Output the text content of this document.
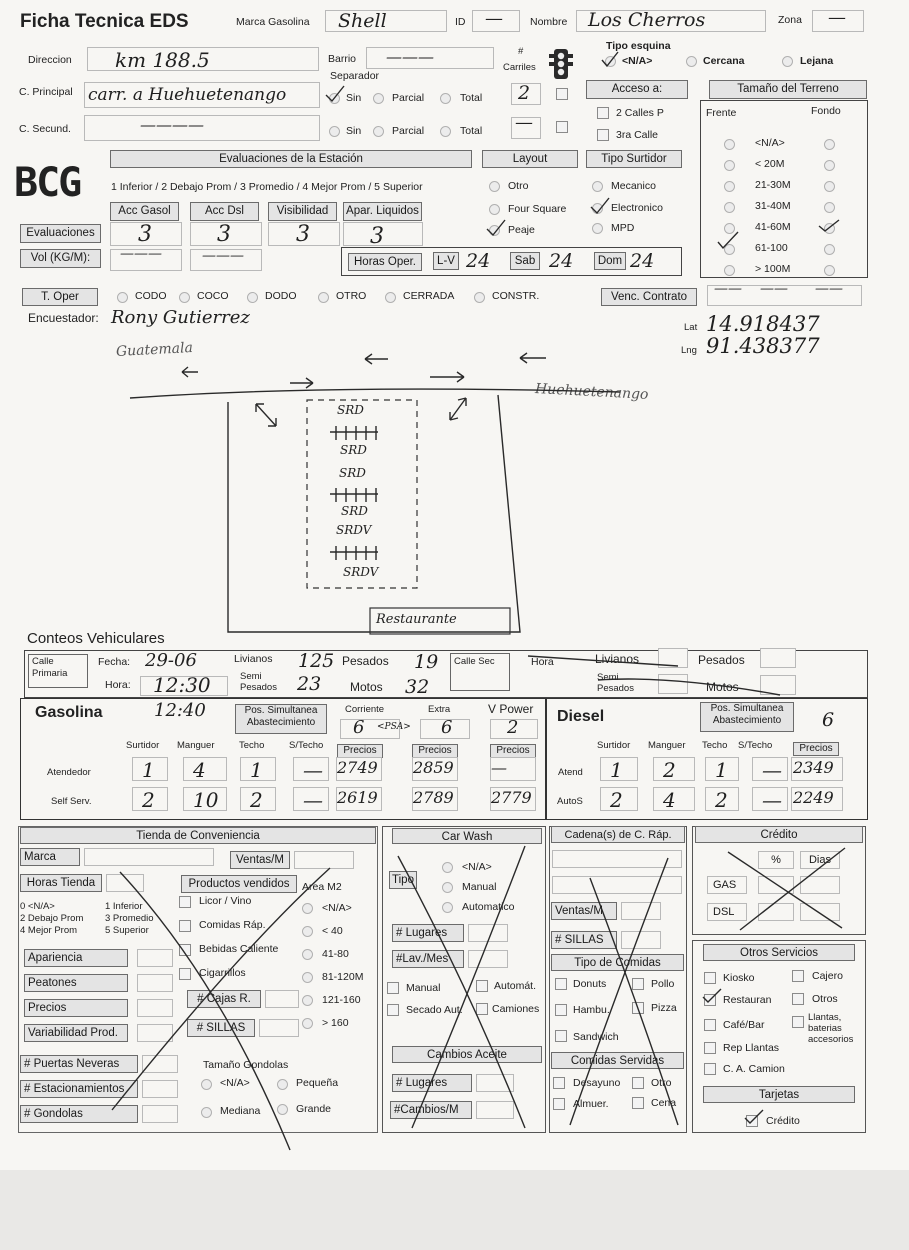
Ficha Tecnica EDS	Marca Gasolina Shell	ID —	Nombre Los Cherros	Zona —
Direccion km 188.5	Barrio ———	#
Carriles
Separador
C. Principal carr. a Huehuetenango	Sin	Parcial	Total 2
C. Secund.	————	Sin	Parcial	Total —
Tipo esquina
<N/A>	Cercana	Lejana
Acceso a:
2 Calles P
3ra Calle
Tamaño del Terreno
Frente	Fondo
<N/A>
< 20M
21-30M
31-40M
41-60M
61-100
> 100M
BCG
Evaluaciones de la Estación
1 Inferior / 2 Debajo Prom / 3 Promedio / 4 Mejor Prom / 5 Superior
Acc Gasol	Acc Dsl	Visibilidad	Apar. Liquidos
Evaluaciones 3	3	3	3
Vol (KG/M):	———	———
Layout
Otro
Four Square
Peaje
Tipo Surtidor
Mecanico
Electronico
MPD
Horas Oper.	L-V 24	Sab 24	Dom 24
T. Oper	CODO	COCO	DODO	OTRO	CERRADA	CONSTR.	Venc. Contrato	—— —— ——
Encuestador: Rony Gutierrez	Lat 14.918437
Lng 91.438377
Guatemala
Huehuetenango
SRD
SRD
SRD
SRD
SRDV
SRDV
Restaurante
Conteos Vehiculares
Calle Primaria
Fecha: 29-06
Hora: 12:30
Livianos 125
Semi Pesados	23
Pesados 19
Motos 32
Calle Sec	Hora	Livianos	Pesados
Semi Pesados	Motos
Gasolina	12:40	Pos. Simultanea Abastecimiento
Corriente	Extra	V Power
6 <PSA> 6	2
Surtidor Manguer	Techo	S/Techo	Precios	Precios	Precios
Atendedor
Self Serv.
1 4 1 — 2749 2859 —
2 10 2 — 2619 2789 2779
Diesel	Pos. Simultanea Abastecimiento	6
Surtidor Manguer Techo S/Techo	Precios
Atend
AutoS
1 2 1 — 2349
2 4 2 — 2249
Tienda de Conveniencia
Marca	Ventas/M
Horas Tienda	Productos vendidos	Area M2
0 <N/A>	1 Inferior
2 Debajo Prom 3 Promedio
4 Mejor Prom	5 Superior
Licor / Vino
Comidas Ráp.
Bebidas Caliente
Cigarrillos
<N/A>
< 40
41-80
81-120M
121-160
> 160
Apariencia
Peatones
Precios
Variabilidad Prod.
# Cajas R.
# SILLAS
# Puertas Neveras
# Estacionamientos
# Gondolas
Tamaño Gondolas
<N/A>	Pequeña
Mediana	Grande
Car Wash
Tipo
<N/A>
Manual
Automatico
# Lugares
#Lav./Mes
Manual	Automát.
Secado Aut.	Camiones
Cambios Aceite
# Lugares
#Cambios/M
Cadena(s) de C. Ráp.
Ventas/M
# SILLAS
Tipo de Comidas
Donuts	Pollo
Hambu.	Pizza
Sandwich
Comidas Servidas
Desayuno	Otro
Almuer.	Cena
Crédito
%	Dias
GAS
DSL
Otros Servicios
Kiosko	Cajero
Restauran	Otros
Café/Bar
Llantas, baterias accesorios
Rep Llantas
C. A. Camion
Tarjetas
Crédito
